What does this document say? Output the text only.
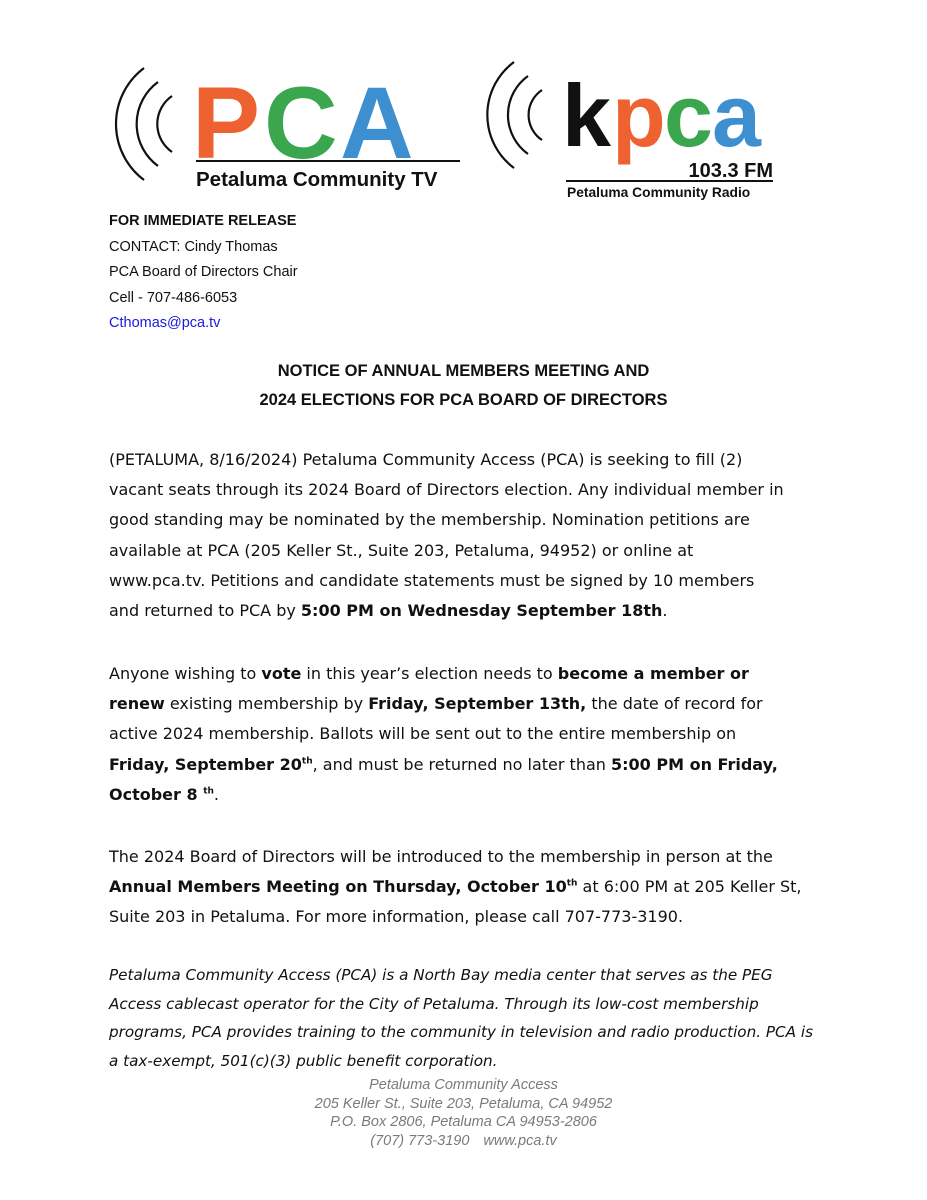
P C A
Petaluma Community TV
k p
c a
103.3 FM
Petaluma Community Radio
FOR IMMEDIATE RELEASE
CONTACT: Cindy Thomas
PCA Board of Directors Chair
Cell - 707-486-6053
Cthomas@pca.tv
NOTICE OF ANNUAL MEMBERS MEETING AND
2024 ELECTIONS FOR PCA BOARD OF DIRECTORS
(PETALUMA, 8/16/2024) Petaluma Community Access (PCA) is seeking to fill (2)
vacant seats through its 2024 Board of Directors election. Any individual member in
good standing may be nominated by the membership. Nomination petitions are
available at PCA (205 Keller St., Suite 203, Petaluma, 94952) or online at
www.pca.tv. Petitions and candidate statements must be signed by 10 members
and returned to PCA by 5:00 PM on Wednesday September 18th.
Anyone wishing to vote in this year’s election needs to become a member or
renew existing membership by Friday, September 13th, the date of record for
active 2024 membership. Ballots will be sent out to the entire membership on
Friday, September 20th, and must be returned no later than 5:00 PM on Friday,
October 8 $^{th}$.
The 2024 Board of Directors will be introduced to the membership in person at the
Annual Members Meeting on Thursday, October 10th at 6:00 PM at 205 Keller St,
Suite 203 in Petaluma. For more information, please call 707-773-3190.
Petaluma Community Access (PCA) is a North Bay media center that serves as the PEG
Access cablecast operator for the City of Petaluma. Through its low-cost membership
programs, PCA provides training to the community in television and radio production. PCA is
a tax-exempt, 501(c)(3) public benefit corporation.
Petaluma Community Access
205 Keller St., Suite 203, Petaluma, CA 94952
P.O. Box 2806, Petaluma CA 94953-2806
(707) 773-3190 www.pca.tv
